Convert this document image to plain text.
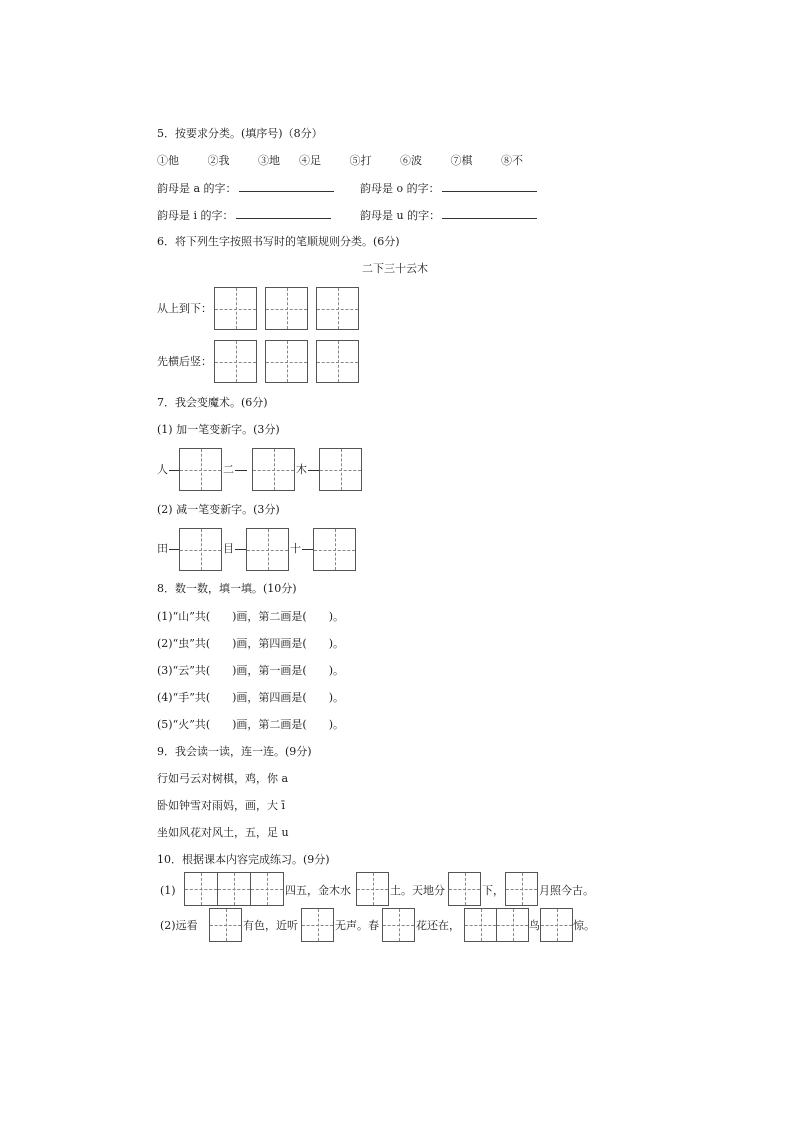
5．按要求分类。(填序号)（8分）
①他	②我	③地 ④足	⑤打	⑥波	⑦棋	⑧不
韵母是 a 的字：	韵母是 o 的字：
韵母是 i 的字：	韵母是 u 的字：
6．将下列生字按照书写时的笔顺规则分类。(6分)
二下三十云木
从上到下：
先横后竖：
7．我会变魔术。(6分)
(1) 加一笔变新字。(3分)
人	二	木
(2) 减一笔变新字。(3分)
田	目	十
8．数一数，填一填。(10分)
(1)“山”共(　　)画，第二画是(　　)。
(2)“虫”共(　　)画，第四画是(　　)。
(3)“云”共(　　)画，第一画是(　　)。
(4)“手”共(　　)画，第四画是(　　)。
(5)“火”共(　　)画，第二画是(　　)。
9．我会读一读，连一连。(9分)
行如弓云对树棋，鸡，你 a
卧如钟雪对雨妈，画，大 ī
坐如风花对风土，五，足 u
10．根据课本内容完成练习。(9分)
(1)	四五，金木水	土。天地分	下，	月照今古。
(2)远看	有色，近听	无声。春	花还在，	鸟	惊。
